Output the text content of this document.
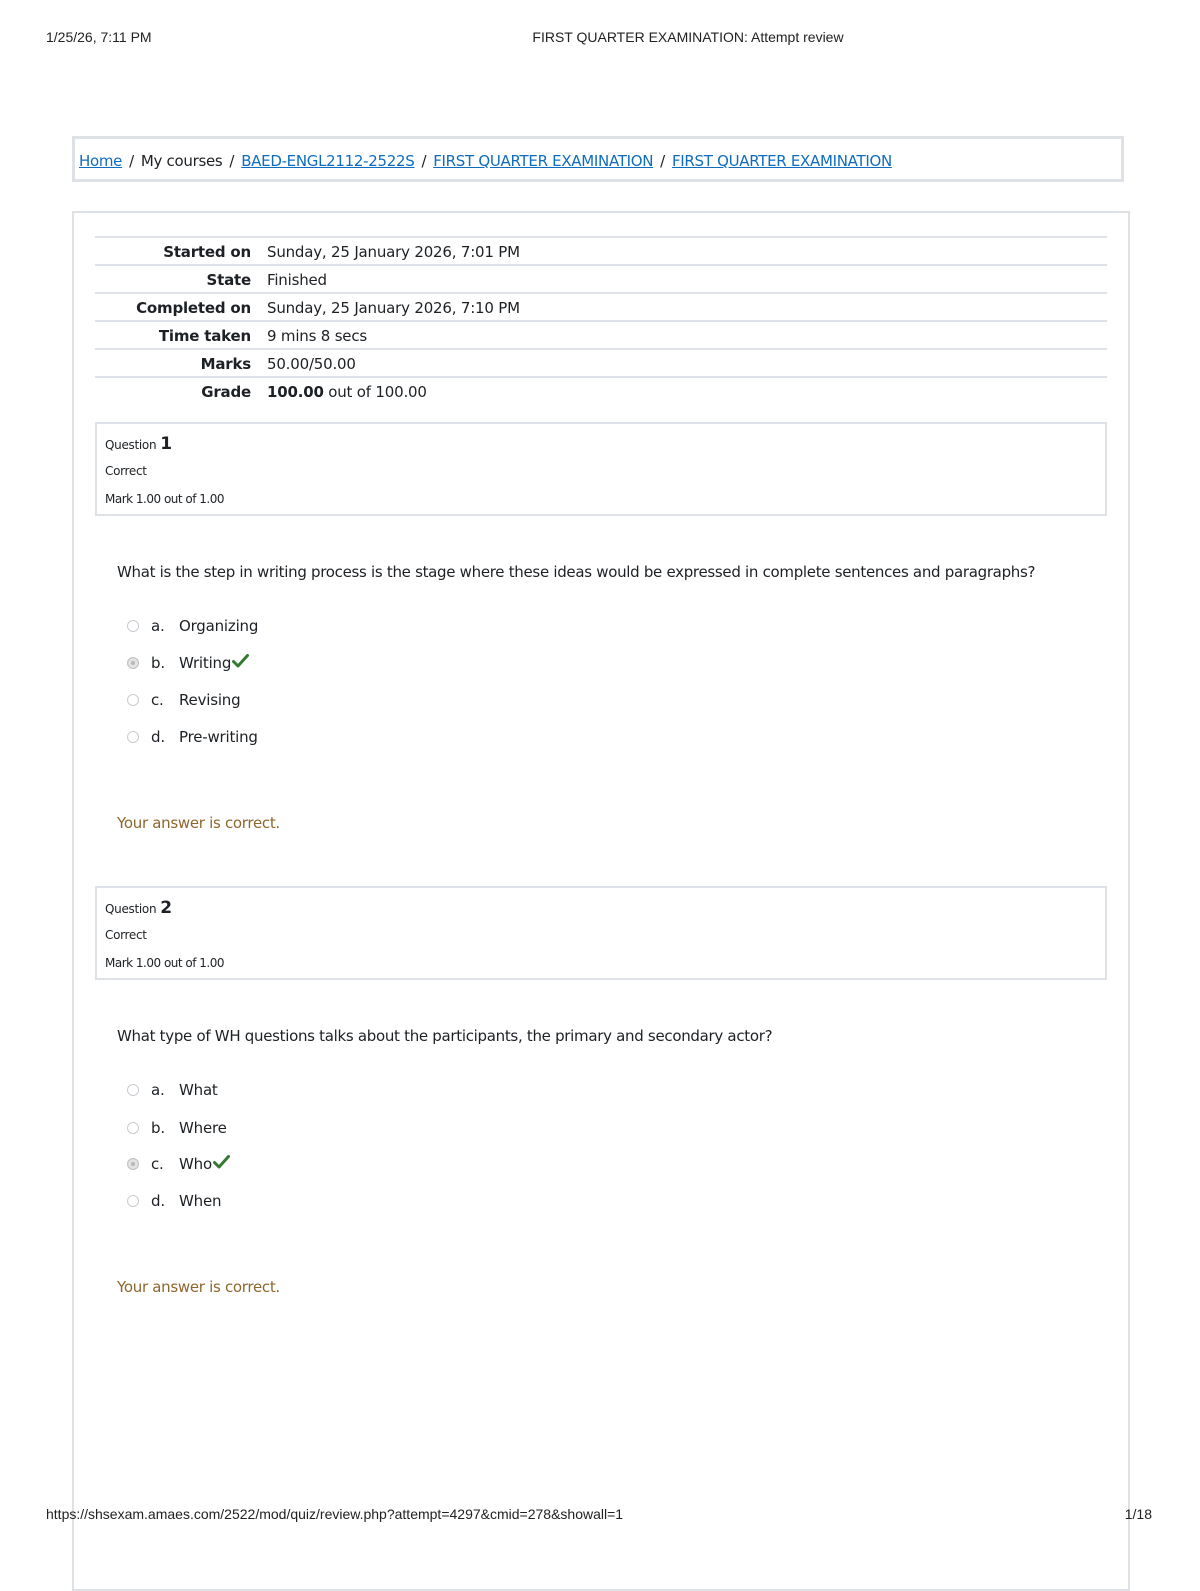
1/25/26, 7:11 PM	FIRST QUARTER EXAMINATION: Attempt review
Home / My courses / BAED-ENGL2112-2522S / FIRST QUARTER EXAMINATION / FIRST QUARTER EXAMINATION
Started on Sunday, 25 January 2026, 7:01 PM
State Finished
Completed on Sunday, 25 January 2026, 7:10 PM
Time taken 9 mins 8 secs
Marks 50.00/50.00
Grade 100.00 out of 100.00
Question 1
Correct
Mark 1.00 out of 1.00
What is the step in writing process is the stage where these ideas would be expressed in complete sentences and paragraphs?
a. Organizing
b. Writing
c. Revising
d. Pre-writing
Your answer is correct.
Question 2
Correct
Mark 1.00 out of 1.00
What type of WH questions talks about the participants, the primary and secondary actor?
a. What
b. Where
c. Who
d. When
Your answer is correct.
https://shsexam.amaes.com/2522/mod/quiz/review.php?attempt=4297&cmid=278&showall=1	1/18
